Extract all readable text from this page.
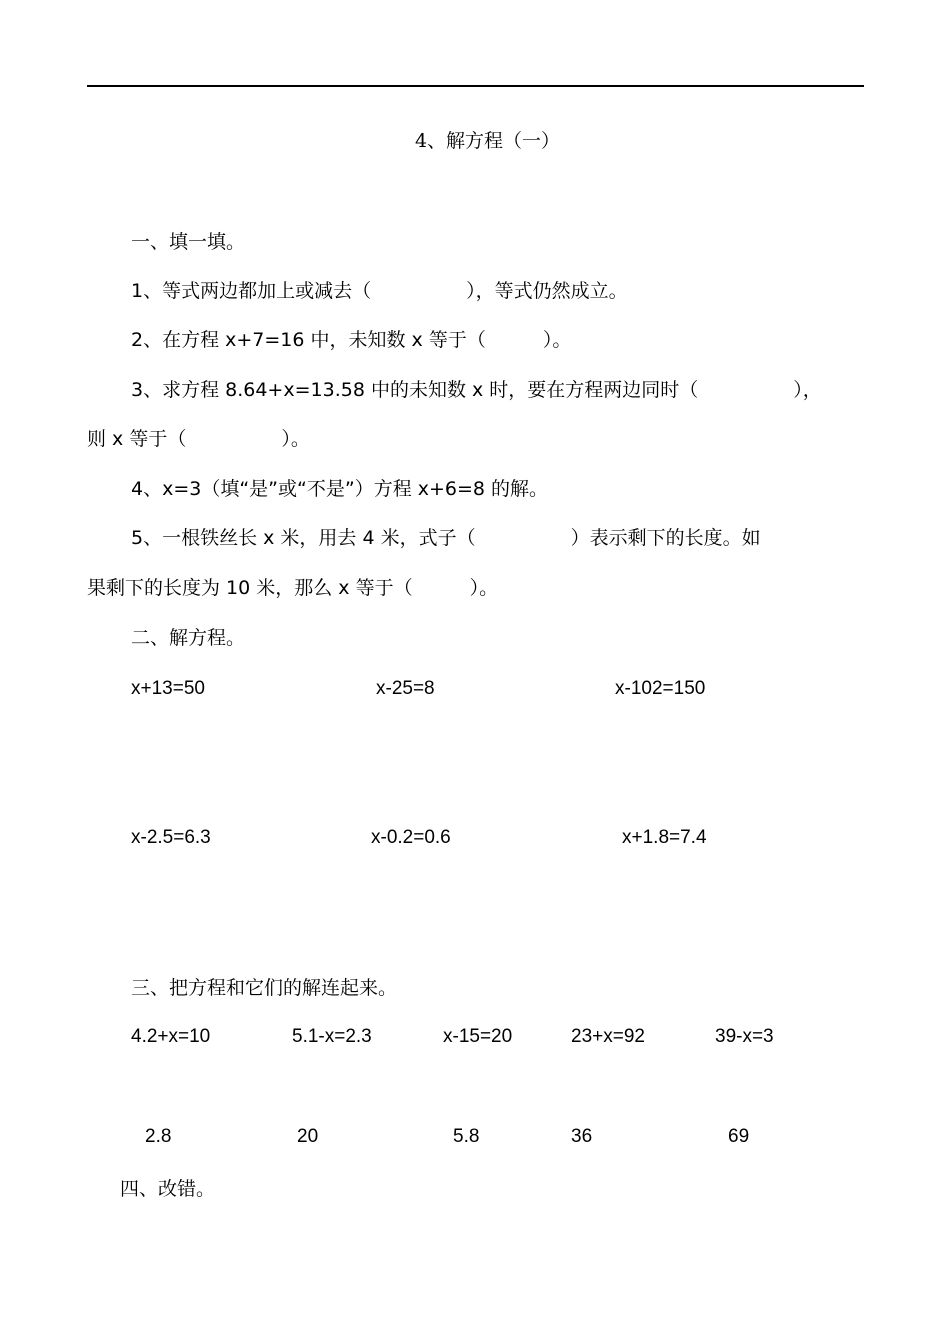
4、解方程（一）
一、填一填。
1、等式两边都加上或减去（　　　　　），等式仍然成立。
2、在方程 x+7=16 中，未知数 x 等于（　　　）。
3、求方程 8.64+x=13.58 中的未知数 x 时，要在方程两边同时（　　　　　），
则 x 等于（　　　　　）。
4、x=3（填“是”或“不是”）方程 x+6=8 的解。
5、一根铁丝长 x 米，用去 4 米，式子（　　　　　）表示剩下的长度。如
果剩下的长度为 10 米，那么 x 等于（　　　）。
二、解方程。
x+13=50	x-25=8	x-102=150
x-2.5=6.3	x-0.2=0.6	x+1.8=7.4
三、把方程和它们的解连起来。
4.2+x=10	5.1-x=2.3	x-15=20	23+x=92	39-x=3
2.8	20	5.8	36	69
四、改错。
